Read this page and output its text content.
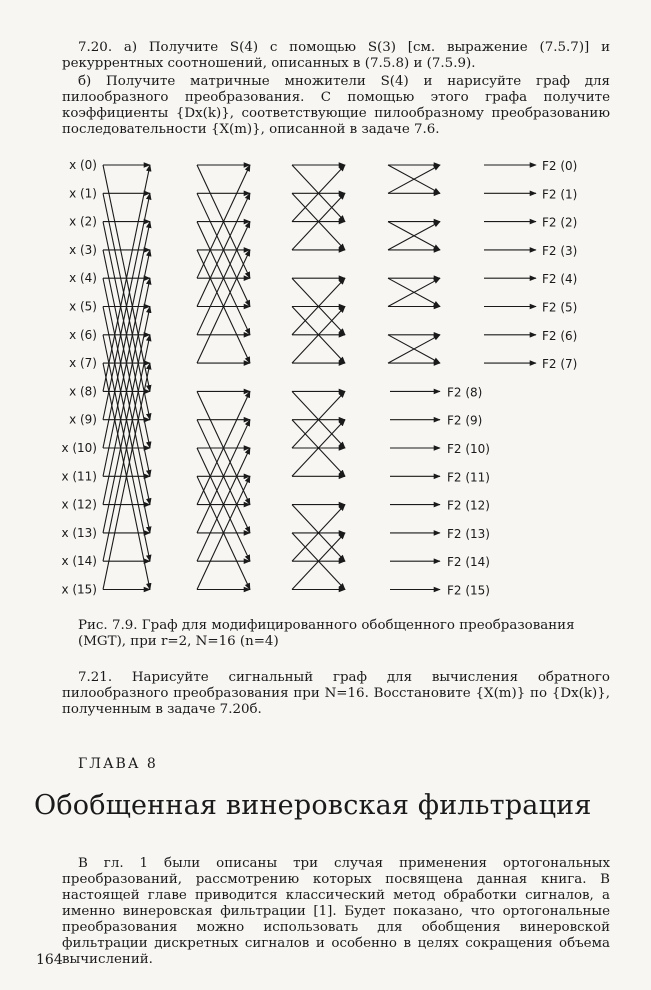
7.20. а) Получите S(4) с помощью S(3) [см. выражение (7.5.7)] и рекуррентных соотношений, описанных в (7.5.8) и (7.5.9).

б) Получите матричные множители S(4) и нарисуйте граф для пилообразного преобразования. С помощью этого графа получите коэффициенты {Dx(k)}, соответствующие пилообразному преобразованию последовательности {X(m)}, описанной в задаче 7.6.

x (0)
x (1)
x (2)
x (3)
x (4)
x (5)
x (6)
x (7)
x (8)
x (9)
x (10)
x (11)
x (12)
x (13)
x (14)
x (15)
F2 (0)
F2 (1)
F2 (2)
F2 (3)
F2 (4)
F2 (5)
F2 (6)
F2 (7)
F2 (8)
F2 (9)
F2 (10)
F2 (11)
F2 (12)
F2 (13)
F2 (14)
F2 (15)

Рис. 7.9. Граф для модифицированного обобщенного преобразования (MGT), при r=2, N=16 (n=4)

7.21. Нарисуйте сигнальный граф для вычисления обратного пилообразного преобразования при N=16. Восстановите {X(m)} по {Dx(k)}, полученным в задаче 7.20б.

ГЛАВА 8

Обобщенная винеровская фильтрация

В гл. 1 были описаны три случая применения ортогональных преобразований, рассмотрению которых посвящена данная книга. В настоящей главе приводится классический метод обработки сигналов, а именно винеровская фильтрации [1]. Будет показано, что ортогональные преобразования можно использовать для обобщения винеровской фильтрации дискретных сигналов и особенно в целях сокращения объема вычислений.

164
